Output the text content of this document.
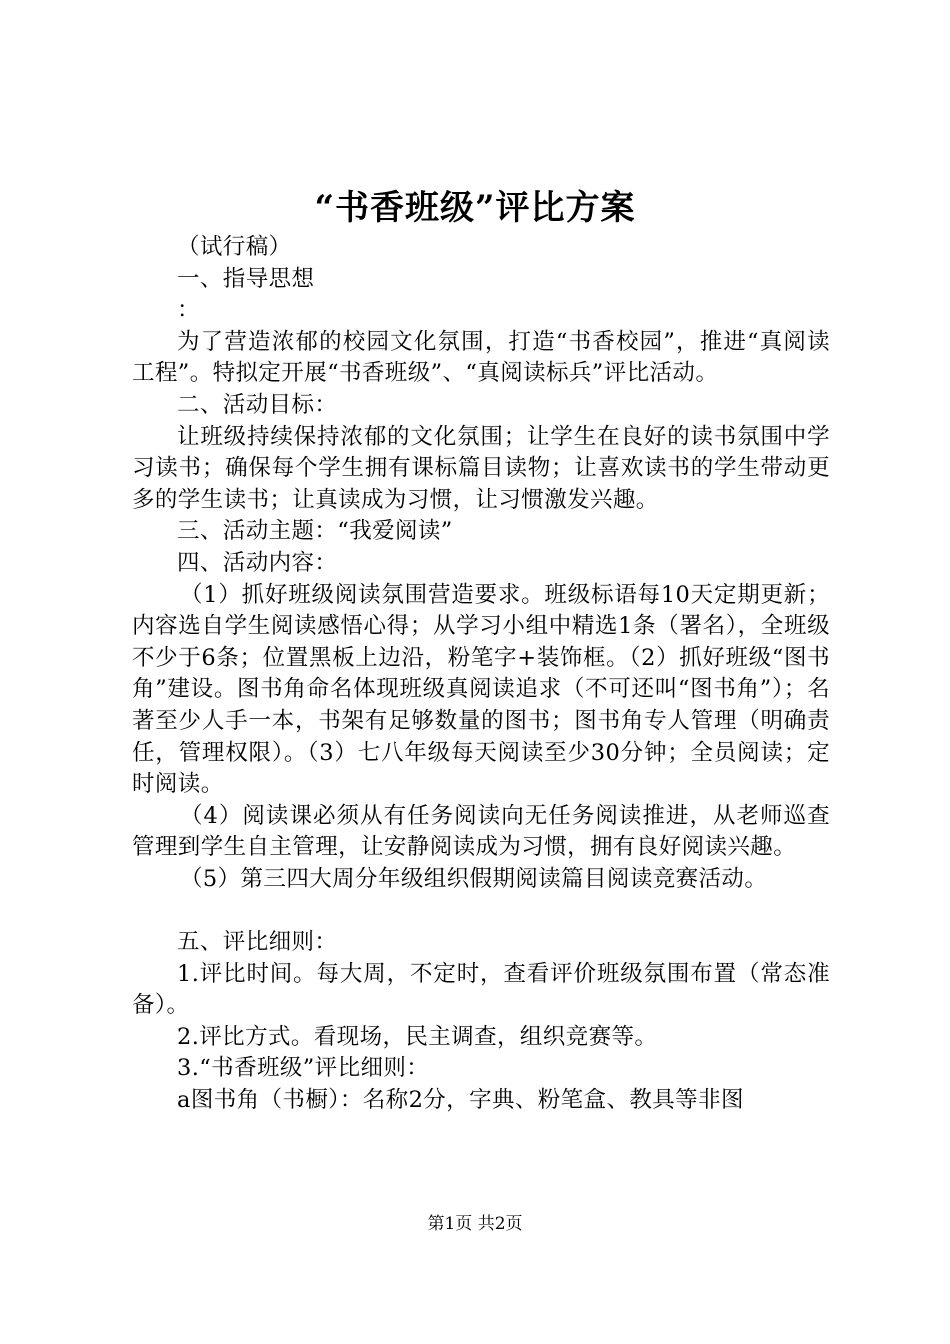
“书香班级”评比方案

（试行稿）

一、指导思想

：

为了营造浓郁的校园文化氛围，打造“书香校园”，推进“真阅读工程”。特拟定开展“书香班级”、“真阅读标兵”评比活动。

二、活动目标：

让班级持续保持浓郁的文化氛围；让学生在良好的读书氛围中学习读书；确保每个学生拥有课标篇目读物；让喜欢读书的学生带动更多的学生读书；让真读成为习惯，让习惯激发兴趣。

三、活动主题：“我爱阅读”

四、活动内容：

（1）抓好班级阅读氛围营造要求。班级标语每10天定期更新；内容选自学生阅读感悟心得；从学习小组中精选1条（署名），全班级不少于6条；位置黑板上边沿，粉笔字+装饰框。（2）抓好班级“图书角”建设。图书角命名体现班级真阅读追求（不可还叫“图书角”）；名著至少人手一本，书架有足够数量的图书；图书角专人管理（明确责任，管理权限）。（3）七八年级每天阅读至少30分钟；全员阅读；定时阅读。

（4）阅读课必须从有任务阅读向无任务阅读推进，从老师巡查管理到学生自主管理，让安静阅读成为习惯，拥有良好阅读兴趣。

（5）第三四大周分年级组织假期阅读篇目阅读竞赛活动。

五、评比细则：

1.评比时间。每大周，不定时，查看评价班级氛围布置（常态准备）。

2.评比方式。看现场，民主调查，组织竞赛等。

3.“书香班级”评比细则：

a图书角（书橱）：名称2分，字典、粉笔盒、教具等非图

第1页 共2页
